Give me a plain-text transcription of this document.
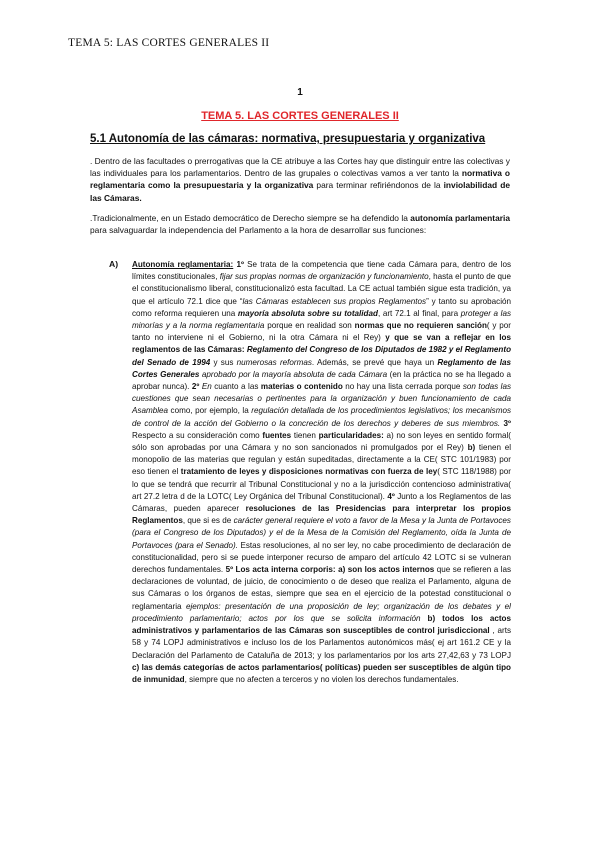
TEMA 5: LAS CORTES GENERALES II
1
TEMA 5. LAS CORTES GENERALES II
5.1 Autonomía de las cámaras: normativa, presupuestaria y organizativa

. Dentro de las facultades o prerrogativas que la CE atribuye a las Cortes hay que distinguir entre las colectivas y las individuales para los parlamentarios. Dentro de las grupales o colectivas vamos a ver tanto la normativa o reglamentaria como la presupuestaria y la organizativa para terminar refiriéndonos de la inviolabilidad de las Cámaras.

.Tradicionalmente, en un Estado democrático de Derecho siempre se ha defendido la autonomía parlamentaria para salvaguardar la independencia del Parlamento a la hora de desarrollar sus funciones:

A) Autonomía reglamentaria: 1º Se trata de la competencia que tiene cada Cámara para, dentro de los límites constitucionales, fijar sus propias normas de organización y funcionamiento, hasta el punto de que el constitucionalismo liberal, constitucionalizó esta facultad. La CE actual también sigue esta tradición, ya que el artículo 72.1 dice que “las Cámaras establecen sus propios Reglamentos” y tanto su aprobación como reforma requieren una mayoría absoluta sobre su totalidad, art 72.1 al final, para proteger a las minorías y a la norma reglamentaria porque en realidad son normas que no requieren sanción( y por tanto no interviene ni el Gobierno, ni la otra Cámara ni el Rey) y que se van a reflejar en los reglamentos de las Cámaras: Reglamento del Congreso de los Diputados de 1982 y el Reglamento del Senado de 1994 y sus numerosas reformas. Además, se prevé que haya un Reglamento de las Cortes Generales aprobado por la mayoría absoluta de cada Cámara (en la práctica no se ha llegado a aprobar nunca). 2º En cuanto a las materias o contenido no hay una lista cerrada porque son todas las cuestiones que sean necesarias o pertinentes para la organización y buen funcionamiento de cada Asamblea como, por ejemplo, la regulación detallada de los procedimientos legislativos; los mecanismos de control de la acción del Gobierno o la concreción de los derechos y deberes de sus miembros. 3º Respecto a su consideración como fuentes tienen particularidades: a) no son leyes en sentido formal( sólo son aprobadas por una Cámara y no son sancionados ni promulgados por el Rey) b) tienen el monopolio de las materias que regulan y están supeditadas, directamente a la CE( STC 101/1983) por eso tienen el tratamiento de leyes y disposiciones normativas con fuerza de ley( STC 118/1988) por lo que se tendrá que recurrir al Tribunal Constitucional y no a la jurisdicción contencioso administrativa( art 27.2 letra d de la LOTC( Ley Orgánica del Tribunal Constitucional). 4º Junto a los Reglamentos de las Cámaras, pueden aparecer resoluciones de las Presidencias para interpretar los propios Reglamentos, que si es de carácter general requiere el voto a favor de la Mesa y la Junta de Portavoces (para el Congreso de los Diputados) y el de la Mesa de la Comisión del Reglamento, oída la Junta de Portavoces (para el Senado). Estas resoluciones, al no ser ley, no cabe procedimiento de declaración de constitucionalidad, pero si se puede interponer recurso de amparo del artículo 42 LOTC si se vulneran derechos fundamentales. 5º Los acta interna corporis: a) son los actos internos que se refieren a las declaraciones de voluntad, de juicio, de conocimiento o de deseo que realiza el Parlamento, alguna de sus Cámaras o los órganos de estas, siempre que sea en el ejercicio de la potestad constitucional o reglamentaria ejemplos: presentación de una proposición de ley; organización de los debates y el procedimiento parlamentario; actos por los que se solicita información b) todos los actos administrativos y parlamentarios de las Cámaras son susceptibles de control jurisdiccional , arts 58 y 74 LOPJ administrativos e incluso los de los Parlamentos autonómicos más( ej art 161.2 CE y la Declaración del Parlamento de Cataluña de 2013; y los parlamentarios por los arts 27,42,63 y 73 LOPJ c) las demás categorías de actos parlamentarios( políticas) pueden ser susceptibles de algún tipo de inmunidad, siempre que no afecten a terceros y no violen los derechos fundamentales.
